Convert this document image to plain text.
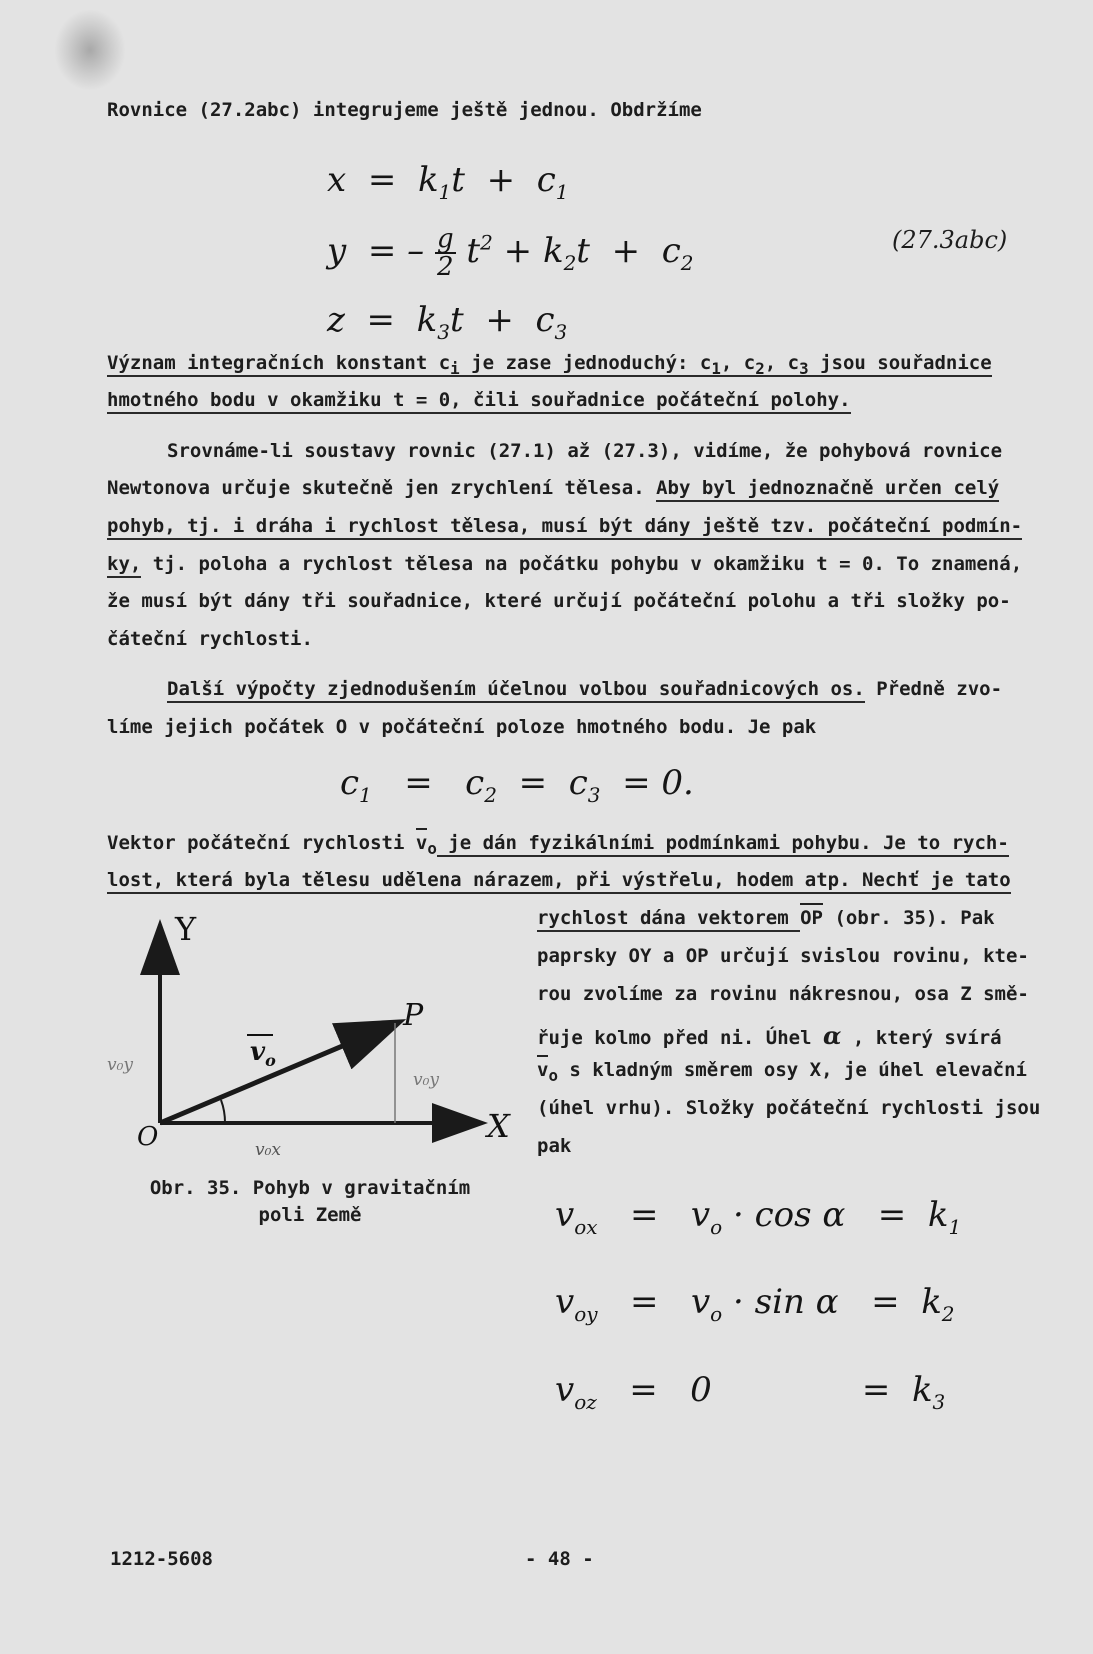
Rovnice (27.2abc) integrujeme ještě jednou. Obdržíme
$x = k_1t + c_1$
y = – $\frac{g}{2} t^2 + k_2t + c_2$
(27.3abc)
$z = k_3t + c_3$
Význam integračních konstant $c_i$ je zase jednoduchý: $c_1$, $c_2$, $c_3$ jsou souřadnice
hmotného bodu v okamžiku t = 0, čili souřadnice počáteční polohy.
Srovnáme-li soustavy rovnic (27.1) až (27.3), vidíme, že pohybová rovnice
Newtonova určuje skutečně jen zrychlení tělesa. Aby byl jednoznačně určen celý
pohyb, tj. i dráha i rychlost tělesa, musí být dány ještě tzv. počáteční podmín-
ky, tj. poloha a rychlost tělesa na počátku pohybu v okamžiku t = 0. To znamená,
že musí být dány tři souřadnice, které určují počáteční polohu a tři složky po-
čáteční rychlosti.
Další výpočty zjednodušením účelnou volbou souřadnicových os. Předně zvo-
líme jejich počátek O v počáteční poloze hmotného bodu. Je pak
$c_1 = c_2 = c_3 = 0$.
Vektor počáteční rychlosti $v_o$ je dán fyzikálními podmínkami pohybu. Je to rych-
lost, která byla tělesu udělena nárazem, při výstřelu, hodem atp. Nechť je tato
rychlost dána vektorem OP (obr. 35). Pak
paprsky OY a OP určují svislou rovinu, kte-
rou zvolíme za rovinu nákresnou, osa Z smě-
řuje kolmo před ni. Úhel α , který svírá
$v_o$ s kladným směrem osy X, je úhel elevační
(úhel vrhu). Složky počáteční rychlosti jsou
pak
Y
X
O
P
$v_o$
v₀x
v₀y
v₀y
Obr. 35. Pohyb v gravitačním
poli Země	$v_{ox} = v_o \cdot \cos \alpha = k_1$
$v_{oy} = v_o \cdot \sin \alpha = k_2$
$v_{oz} = 0$	= $k_3$
1212-5608	- 48 -
